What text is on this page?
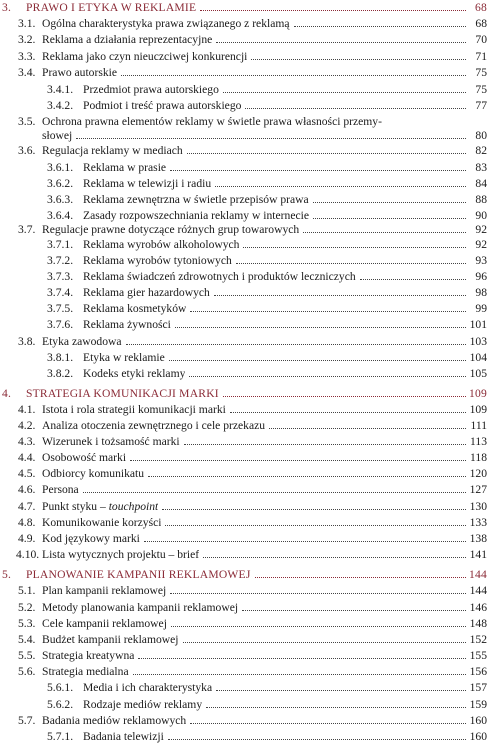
3.	PRAWO I ETYKA W REKLAMIE	68
3.1. Ogólna charakterystyka prawa związanego z reklamą	68
3.2. Reklama a działania reprezentacyjne	70
3.3. Reklama jako czyn nieuczciwej konkurencji	71
3.4. Prawo autorskie	75
3.4.1. Przedmiot prawa autorskiego	75
3.4.2. Podmiot i treść prawa autorskiego	77
3.5. Ochrona prawna elementów reklamy w świetle prawa własności przemy-
słowej	80
3.6. Regulacja reklamy w mediach	82
3.6.1. Reklama w prasie	83
3.6.2. Reklama w telewizji i radiu	84
3.6.3. Reklama zewnętrzna w świetle przepisów prawa	88
3.6.4. Zasady rozpowszechniania reklamy w internecie	90
3.7. Regulacje prawne dotyczące różnych grup towarowych	92
3.7.1. Reklama wyrobów alkoholowych	92
3.7.2. Reklama wyrobów tytoniowych	93
3.7.3. Reklama świadczeń zdrowotnych i produktów leczniczych	96
3.7.4. Reklama gier hazardowych	98
3.7.5. Reklama kosmetyków	99
3.7.6. Reklama żywności	101
3.8. Etyka zawodowa	103
3.8.1. Etyka w reklamie	104
3.8.2. Kodeks etyki reklamy	105
4.	STRATEGIA KOMUNIKACJI MARKI	109
4.1. Istota i rola strategii komunikacji marki	109
4.2. Analiza otoczenia zewnętrznego i cele przekazu	111
4.3. Wizerunek i tożsamość marki	113
4.4. Osobowość marki	118
4.5. Odbiorcy komunikatu	120
4.6. Persona	127
4.7. Punkt styku – touchpoint	130
4.8. Komunikowanie korzyści	133
4.9. Kod językowy marki	138
4.10. Lista wytycznych projektu – brief	141
5.	PLANOWANIE KAMPANII REKLAMOWEJ	144
5.1. Plan kampanii reklamowej	144
5.2. Metody planowania kampanii reklamowej	146
5.3. Cele kampanii reklamowej	148
5.4. Budżet kampanii reklamowej	152
5.5. Strategia kreatywna	155
5.6. Strategia medialna	156
5.6.1. Media i ich charakterystyka	157
5.6.2. Rodzaje mediów reklamy	159
5.7. Badania mediów reklamowych	160
5.7.1. Badania telewizji	160
